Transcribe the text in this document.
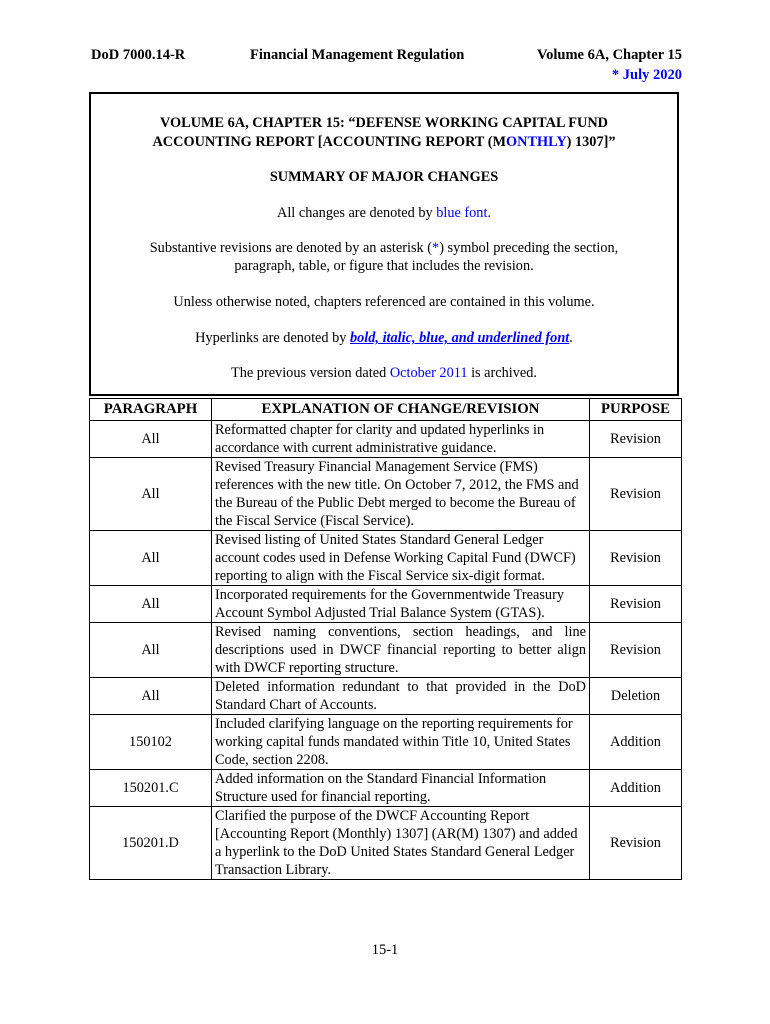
DoD 7000.14-R	Financial Management Regulation	Volume 6A, Chapter 15
* July 2020
VOLUME 6A, CHAPTER 15: “DEFENSE WORKING CAPITAL FUND
ACCOUNTING REPORT [ACCOUNTING REPORT (MONTHLY) 1307]”
SUMMARY OF MAJOR CHANGES
All changes are denoted by blue font.
Substantive revisions are denoted by an asterisk (*) symbol preceding the section,
paragraph, table, or figure that includes the revision.
Unless otherwise noted, chapters referenced are contained in this volume.
Hyperlinks are denoted by bold, italic, blue, and underlined font.
The previous version dated October 2011 is archived.
PARAGRAPH	EXPLANATION OF CHANGE/REVISION	PURPOSE
All	Reformatted chapter for clarity and updated hyperlinks in accordance with current administrative guidance.	Revision
All	Revised Treasury Financial Management Service (FMS) references with the new title. On October 7, 2012, the FMS and the Bureau of the Public Debt merged to become the Bureau of the Fiscal Service (Fiscal Service).	Revision
All	Revised listing of United States Standard General Ledger account codes used in Defense Working Capital Fund (DWCF) reporting to align with the Fiscal Service six-digit format.	Revision
All	Incorporated requirements for the Governmentwide Treasury Account Symbol Adjusted Trial Balance System (GTAS).	Revision
All	Revised naming conventions, section headings, and line descriptions used in DWCF financial reporting to better align with DWCF reporting structure.	Revision
All	Deleted information redundant to that provided in the DoD Standard Chart of Accounts.	Deletion
150102	Included clarifying language on the reporting requirements for working capital funds mandated within Title 10, United States Code, section 2208.	Addition
150201.C	Added information on the Standard Financial Information Structure used for financial reporting.	Addition
150201.D	Clarified the purpose of the DWCF Accounting Report [Accounting Report (Monthly) 1307] (AR(M) 1307) and added a hyperlink to the DoD United States Standard General Ledger Transaction Library.	Revision
15-1
